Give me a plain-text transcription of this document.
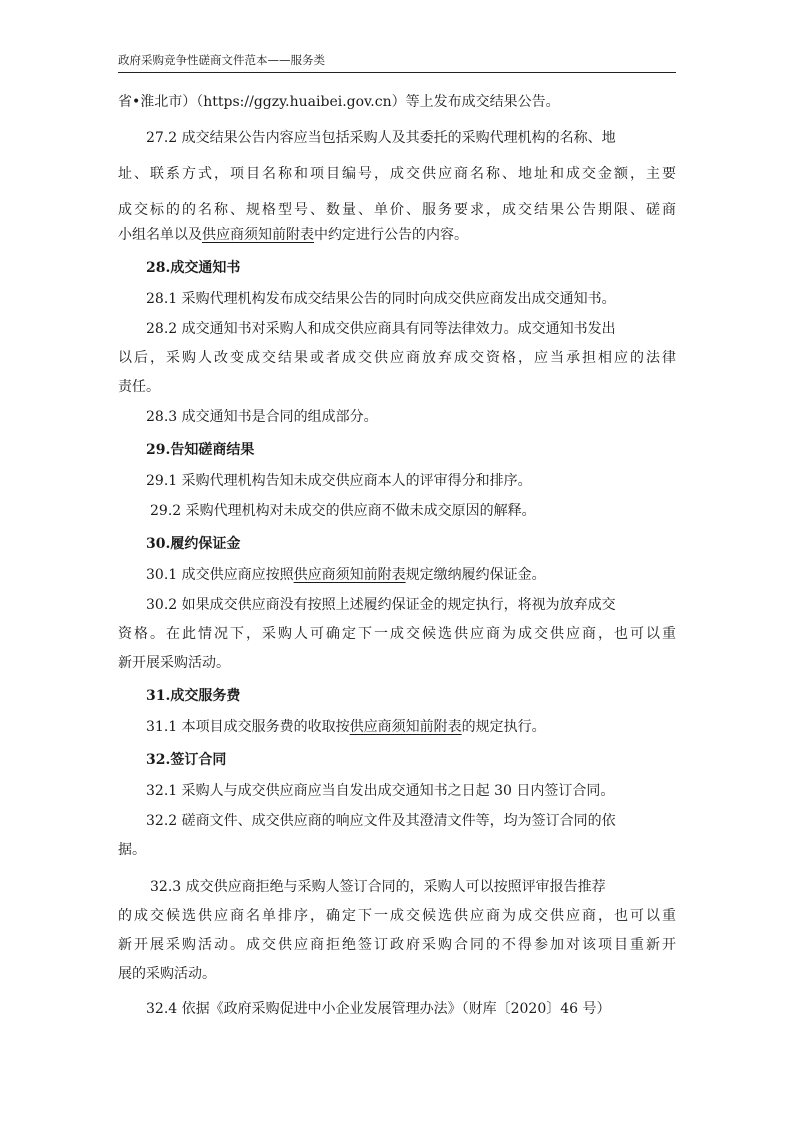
政府采购竞争性磋商文件范本——服务类
省•淮北市）（https://ggzy.huaibei.gov.cn）等上发布成交结果公告。
27.2 成交结果公告内容应当包括采购人及其委托的采购代理机构的名称、地
址、联系方式，项目名称和项目编号，成交供应商名称、地址和成交金额，主要
成交标的的名称、规格型号、数量、单价、服务要求，成交结果公告期限、磋商
小组名单以及供应商须知前附表中约定进行公告的内容。
28.成交通知书
28.1 采购代理机构发布成交结果公告的同时向成交供应商发出成交通知书。
28.2 成交通知书对采购人和成交供应商具有同等法律效力。成交通知书发出
以后，采购人改变成交结果或者成交供应商放弃成交资格，应当承担相应的法律
责任。
28.3 成交通知书是合同的组成部分。
29.告知磋商结果
29.1 采购代理机构告知未成交供应商本人的评审得分和排序。
29.2 采购代理机构对未成交的供应商不做未成交原因的解释。
30.履约保证金
30.1 成交供应商应按照供应商须知前附表规定缴纳履约保证金。
30.2 如果成交供应商没有按照上述履约保证金的规定执行，将视为放弃成交
资格。在此情况下，采购人可确定下一成交候选供应商为成交供应商，也可以重
新开展采购活动。
31.成交服务费
31.1 本项目成交服务费的收取按供应商须知前附表的规定执行。
32.签订合同
32.1 采购人与成交供应商应当自发出成交通知书之日起 30 日内签订合同。
32.2 磋商文件、成交供应商的响应文件及其澄清文件等，均为签订合同的依
据。
32.3 成交供应商拒绝与采购人签订合同的，采购人可以按照评审报告推荐
的成交候选供应商名单排序，确定下一成交候选供应商为成交供应商，也可以重
新开展采购活动。成交供应商拒绝签订政府采购合同的不得参加对该项目重新开
展的采购活动。
32.4 依据《政府采购促进中小企业发展管理办法》（财库〔2020〕46 号）
